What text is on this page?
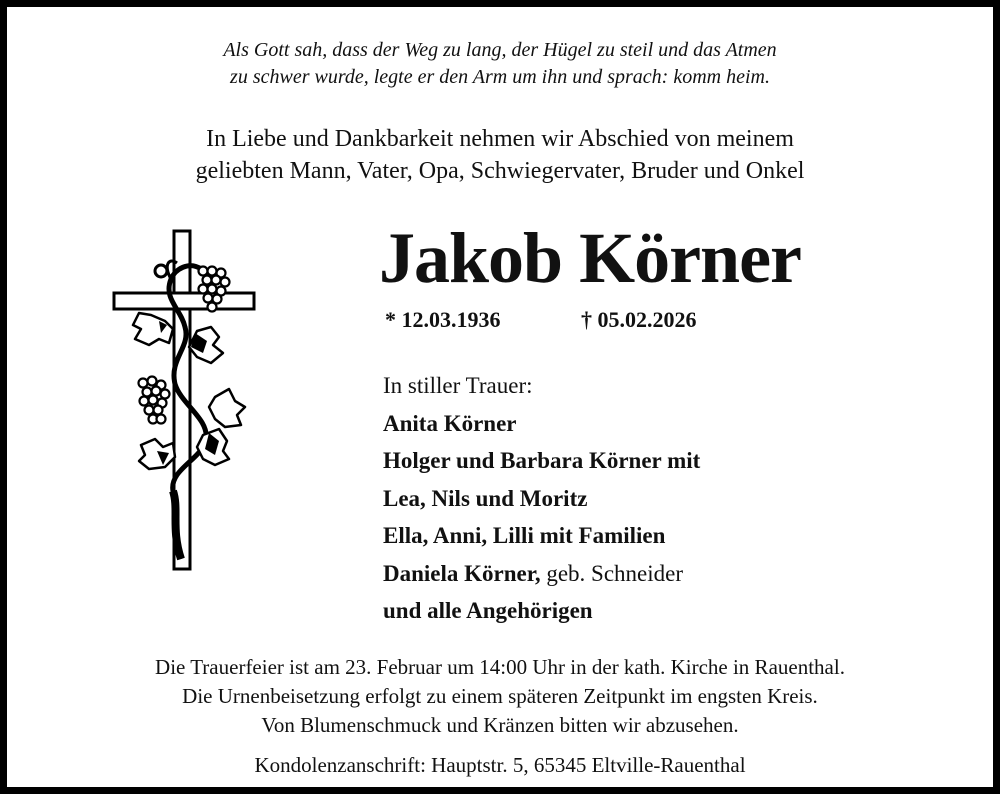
Als Gott sah, dass der Weg zu lang, der Hügel zu steil und das Atmen
zu schwer wurde, legte er den Arm um ihn und sprach: komm heim.
In Liebe und Dankbarkeit nehmen wir Abschied von meinem
geliebten Mann, Vater, Opa, Schwiegervater, Bruder und Onkel
Jakob Körner
* 12.03.1936	† 05.02.2026
In stiller Trauer:
Anita Körner
Holger und Barbara Körner mit
Lea, Nils und Moritz
Ella, Anni, Lilli mit Familien
Daniela Körner, geb. Schneider
und alle Angehörigen
Die Trauerfeier ist am 23. Februar um 14:00 Uhr in der kath. Kirche in Rauenthal.
Die Urnenbeisetzung erfolgt zu einem späteren Zeitpunkt im engsten Kreis.
Von Blumenschmuck und Kränzen bitten wir abzusehen.
Kondolenzanschrift: Hauptstr. 5, 65345 Eltville-Rauenthal
